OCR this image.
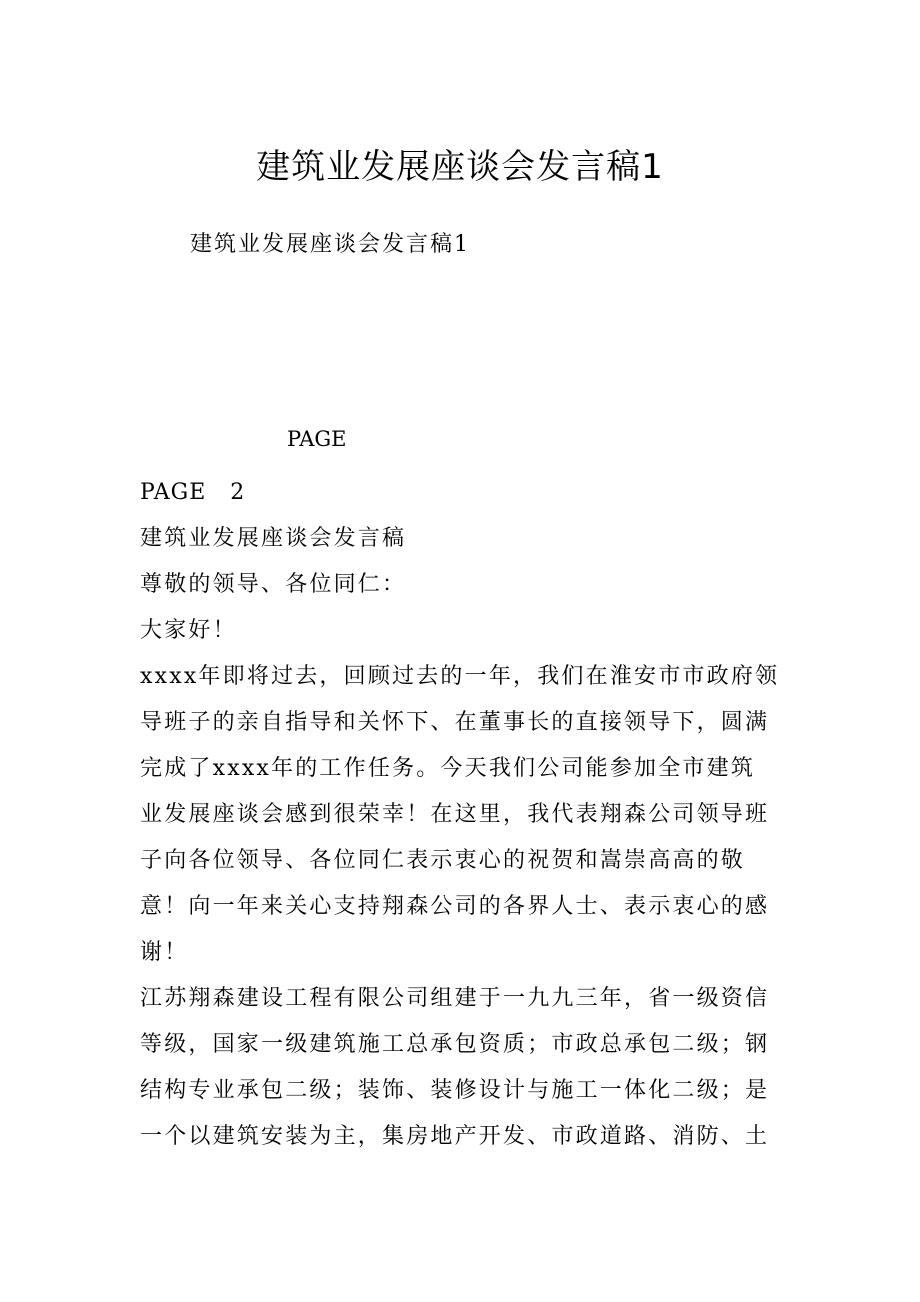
建筑业发展座谈会发言稿1
建筑业发展座谈会发言稿1
PAGE
PAGE   2
建筑业发展座谈会发言稿
尊敬的领导、各位同仁：
大家好！
xxxx年即将过去，回顾过去的一年，我们在淮安市市政府领
导班子的亲自指导和关怀下、在董事长的直接领导下，圆满
完成了xxxx年的工作任务。今天我们公司能参加全市建筑
业发展座谈会感到很荣幸！在这里，我代表翔森公司领导班
子向各位领导、各位同仁表示衷心的祝贺和嵩崇高高的敬
意！向一年来关心支持翔森公司的各界人士、表示衷心的感
谢！
江苏翔森建设工程有限公司组建于一九九三年，省一级资信
等级，国家一级建筑施工总承包资质；市政总承包二级；钢
结构专业承包二级；装饰、装修设计与施工一体化二级；是
一个以建筑安装为主，集房地产开发、市政道路、消防、土
